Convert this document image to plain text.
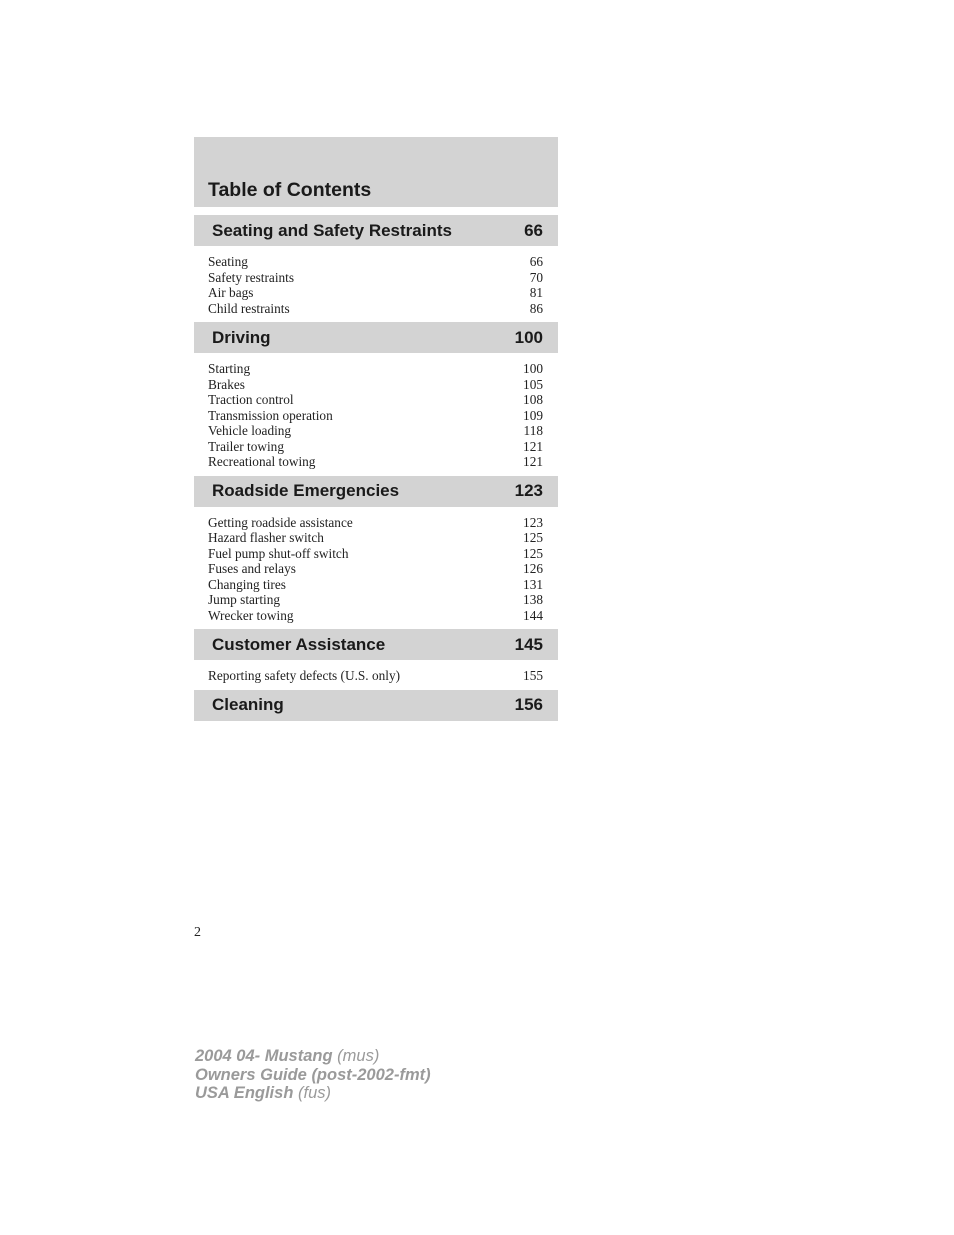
Table of Contents
Seating and Safety Restraints	66
Seating	66
Safety restraints	70
Air bags	81
Child restraints	86
Driving	100
Starting	100
Brakes	105
Traction control	108
Transmission operation	109
Vehicle loading	118
Trailer towing	121
Recreational towing	121
Roadside Emergencies	123
Getting roadside assistance	123
Hazard flasher switch	125
Fuel pump shut-off switch	125
Fuses and relays	126
Changing tires	131
Jump starting	138
Wrecker towing	144
Customer Assistance	145
Reporting safety defects (U.S. only)	155
Cleaning	156
2
2004 04- Mustang (mus)
Owners Guide (post-2002-fmt)
USA English (fus)
